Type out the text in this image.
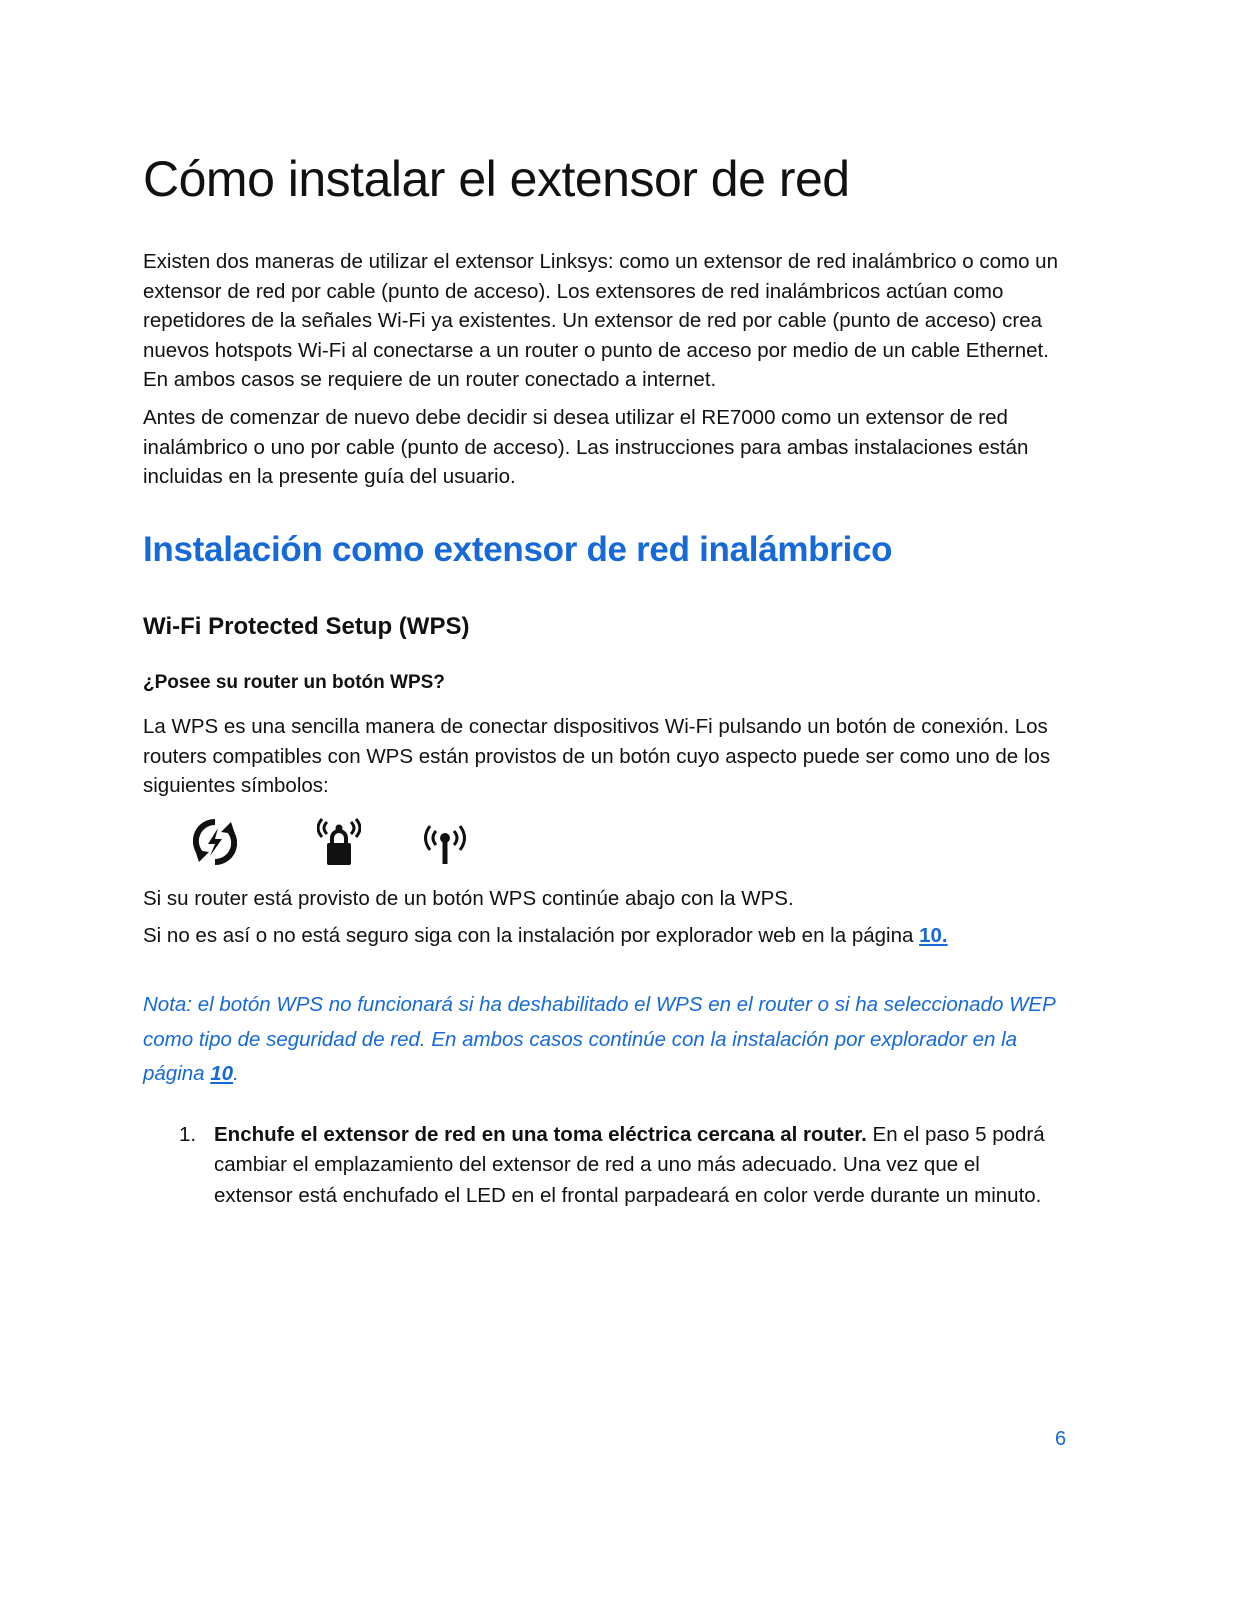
Cómo instalar el extensor de red

Existen dos maneras de utilizar el extensor Linksys: como un extensor de red inalámbrico o como un extensor de red por cable (punto de acceso). Los extensores de red inalámbricos actúan como repetidores de la señales Wi-Fi ya existentes. Un extensor de red por cable (punto de acceso) crea nuevos hotspots Wi-Fi al conectarse a un router o punto de acceso por medio de un cable Ethernet. En ambos casos se requiere de un router conectado a internet.

Antes de comenzar de nuevo debe decidir si desea utilizar el RE7000 como un extensor de red inalámbrico o uno por cable (punto de acceso). Las instrucciones para ambas instalaciones están incluidas en la presente guía del usuario.

Instalación como extensor de red inalámbrico
Wi-Fi Protected Setup (WPS)
¿Posee su router un botón WPS?

La WPS es una sencilla manera de conectar dispositivos Wi-Fi pulsando un botón de conexión. Los routers compatibles con WPS están provistos de un botón cuyo aspecto puede ser como uno de los siguientes símbolos:

Si su router está provisto de un botón WPS continúe abajo con la WPS.

Si no es así o no está seguro siga con la instalación por explorador web en la página 10.

Nota: el botón WPS no funcionará si ha deshabilitado el WPS en el router o si ha seleccionado WEP como tipo de seguridad de red. En ambos casos continúe con la instalación por explorador en la página 10.

1. Enchufe el extensor de red en una toma eléctrica cercana al router. En el paso 5 podrá cambiar el emplazamiento del extensor de red a uno más adecuado. Una vez que el extensor está enchufado el LED en el frontal parpadeará en color verde durante un minuto.
6
